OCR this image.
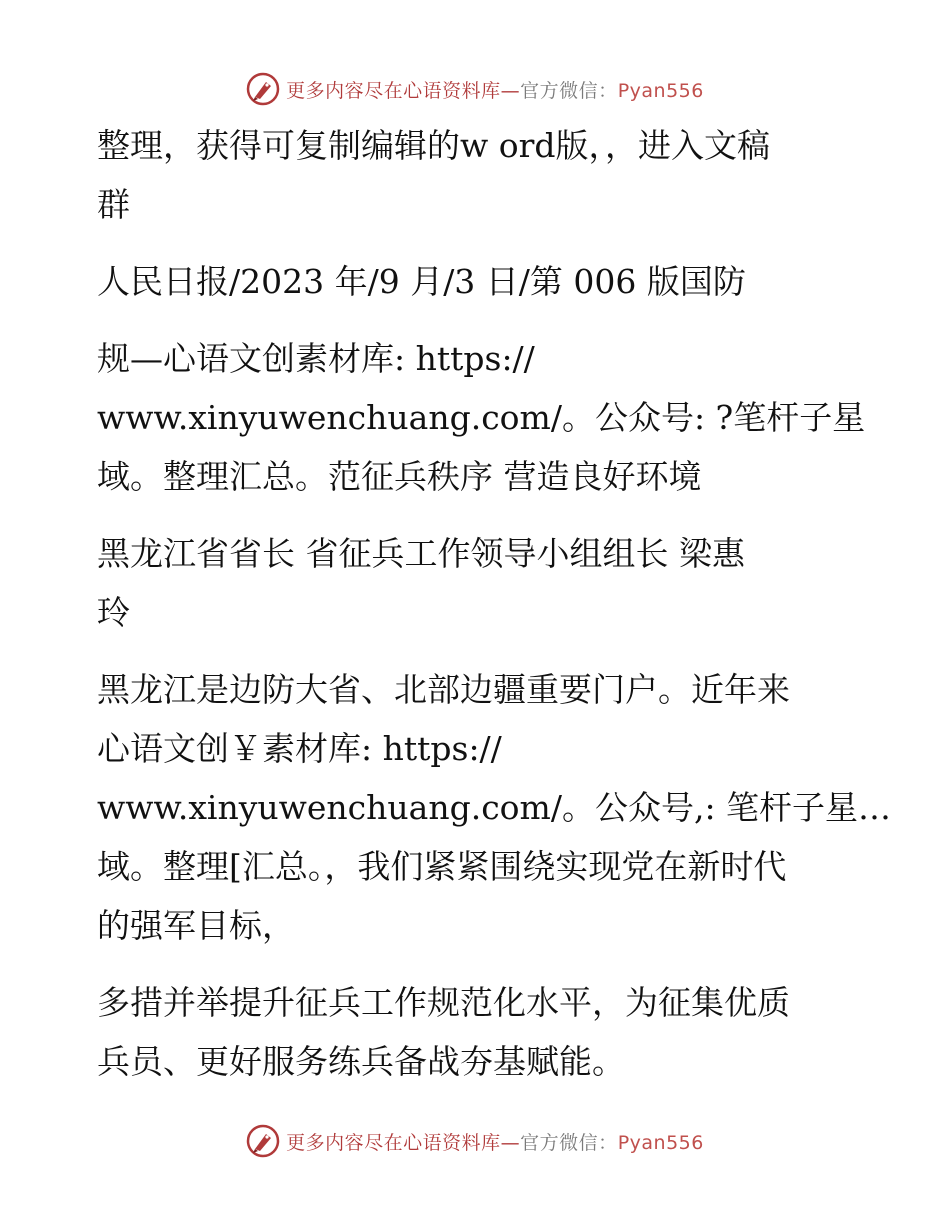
更多内容尽在心语资料库—官方微信：Pyan556

整理，获得可复制编辑的w ord版，，进入文稿
群

人民日报/2023 年/9 月/3 日/第 006 版国防

规—心语文创素材库: https://
www.xinyuwenchuang.com/。公众号: ?笔杆子星
域。整理汇总。范征兵秩序 营造良好环境

黑龙江省省长 省征兵工作领导小组组长 梁惠
玲

黑龙江是边防大省、北部边疆重要门户。近年来
心语文创￥素材库: https://
www.xinyuwenchuang.com/。公众号,: 笔杆子星…
域。整理[汇总。，我们紧紧围绕实现党在新时代
的强军目标，

多措并举提升征兵工作规范化水平，为征集优质
兵员、更好服务练兵备战夯基赋能。

更多内容尽在心语资料库—官方微信：Pyan556
